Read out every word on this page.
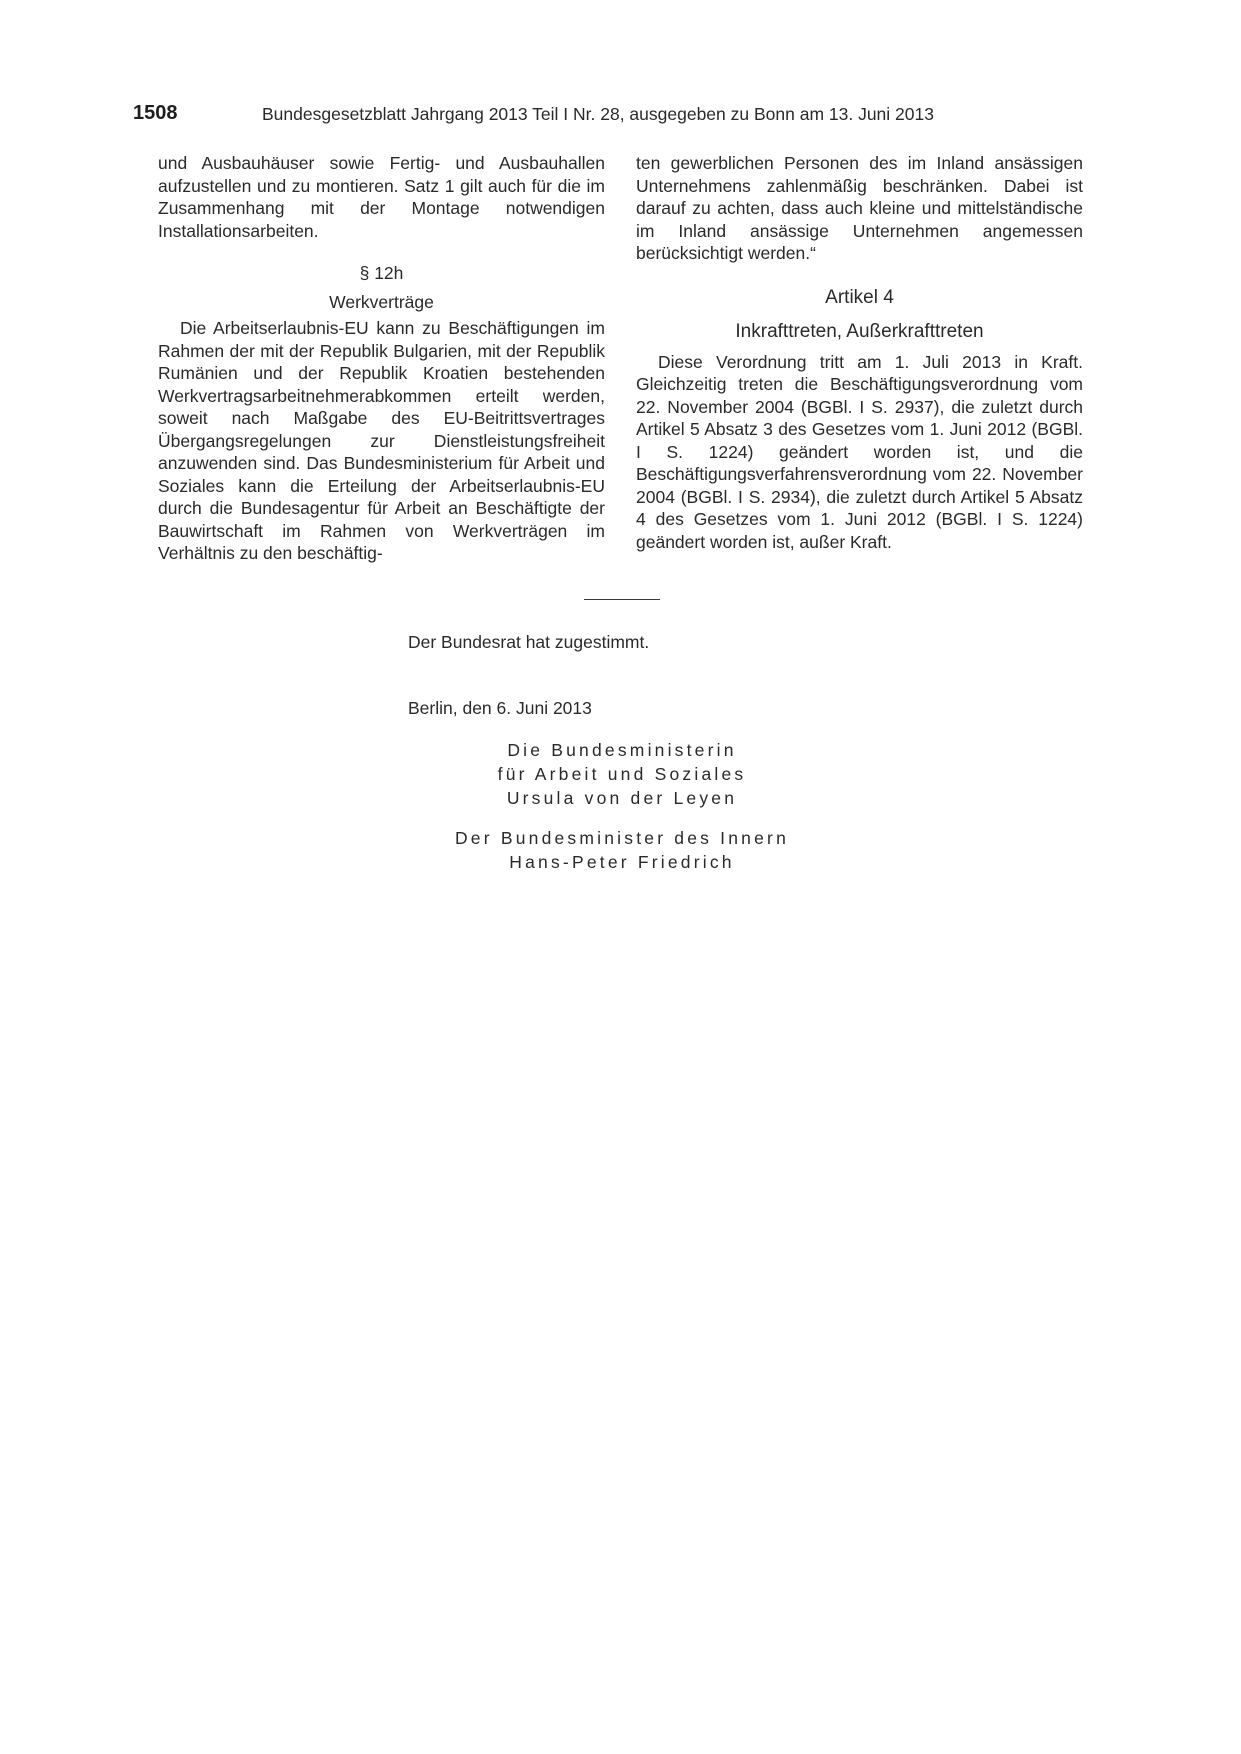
1508	Bundesgesetzblatt Jahrgang 2013 Teil I Nr. 28, ausgegeben zu Bonn am 13. Juni 2013

und Ausbauhäuser sowie Fertig- und Ausbauhallen aufzustellen und zu montieren. Satz 1 gilt auch für die im Zusammenhang mit der Montage notwendigen Installationsarbeiten.

§ 12h

Werkverträge

Die Arbeitserlaubnis-EU kann zu Beschäftigungen im Rahmen der mit der Republik Bulgarien, mit der Republik Rumänien und der Republik Kroatien bestehenden Werkvertragsarbeitnehmerabkommen erteilt werden, soweit nach Maßgabe des EU-Beitrittsvertrages Übergangsregelungen zur Dienstleistungsfreiheit anzuwenden sind. Das Bundesministerium für Arbeit und Soziales kann die Erteilung der Arbeitserlaubnis-EU durch die Bundesagentur für Arbeit an Beschäftigte der Bauwirtschaft im Rahmen von Werkverträgen im Verhältnis zu den beschäftig-

ten gewerblichen Personen des im Inland ansässigen Unternehmens zahlenmäßig beschränken. Dabei ist darauf zu achten, dass auch kleine und mittelständische im Inland ansässige Unternehmen angemessen berücksichtigt werden.“

Artikel 4

Inkrafttreten, Außerkrafttreten

Diese Verordnung tritt am 1. Juli 2013 in Kraft. Gleichzeitig treten die Beschäftigungsverordnung vom 22. November 2004 (BGBl. I S. 2937), die zuletzt durch Artikel 5 Absatz 3 des Gesetzes vom 1. Juni 2012 (BGBl. I S. 1224) geändert worden ist, und die Beschäftigungsverfahrensverordnung vom 22. November 2004 (BGBl. I S. 2934), die zuletzt durch Artikel 5 Absatz 4 des Gesetzes vom 1. Juni 2012 (BGBl. I S. 1224) geändert worden ist, außer Kraft.

Der Bundesrat hat zugestimmt.
Berlin, den 6. Juni 2013

Die Bundesministerin

für Arbeit und Soziales

Ursula von der Leyen

Der Bundesminister des Innern

Hans-Peter Friedrich
